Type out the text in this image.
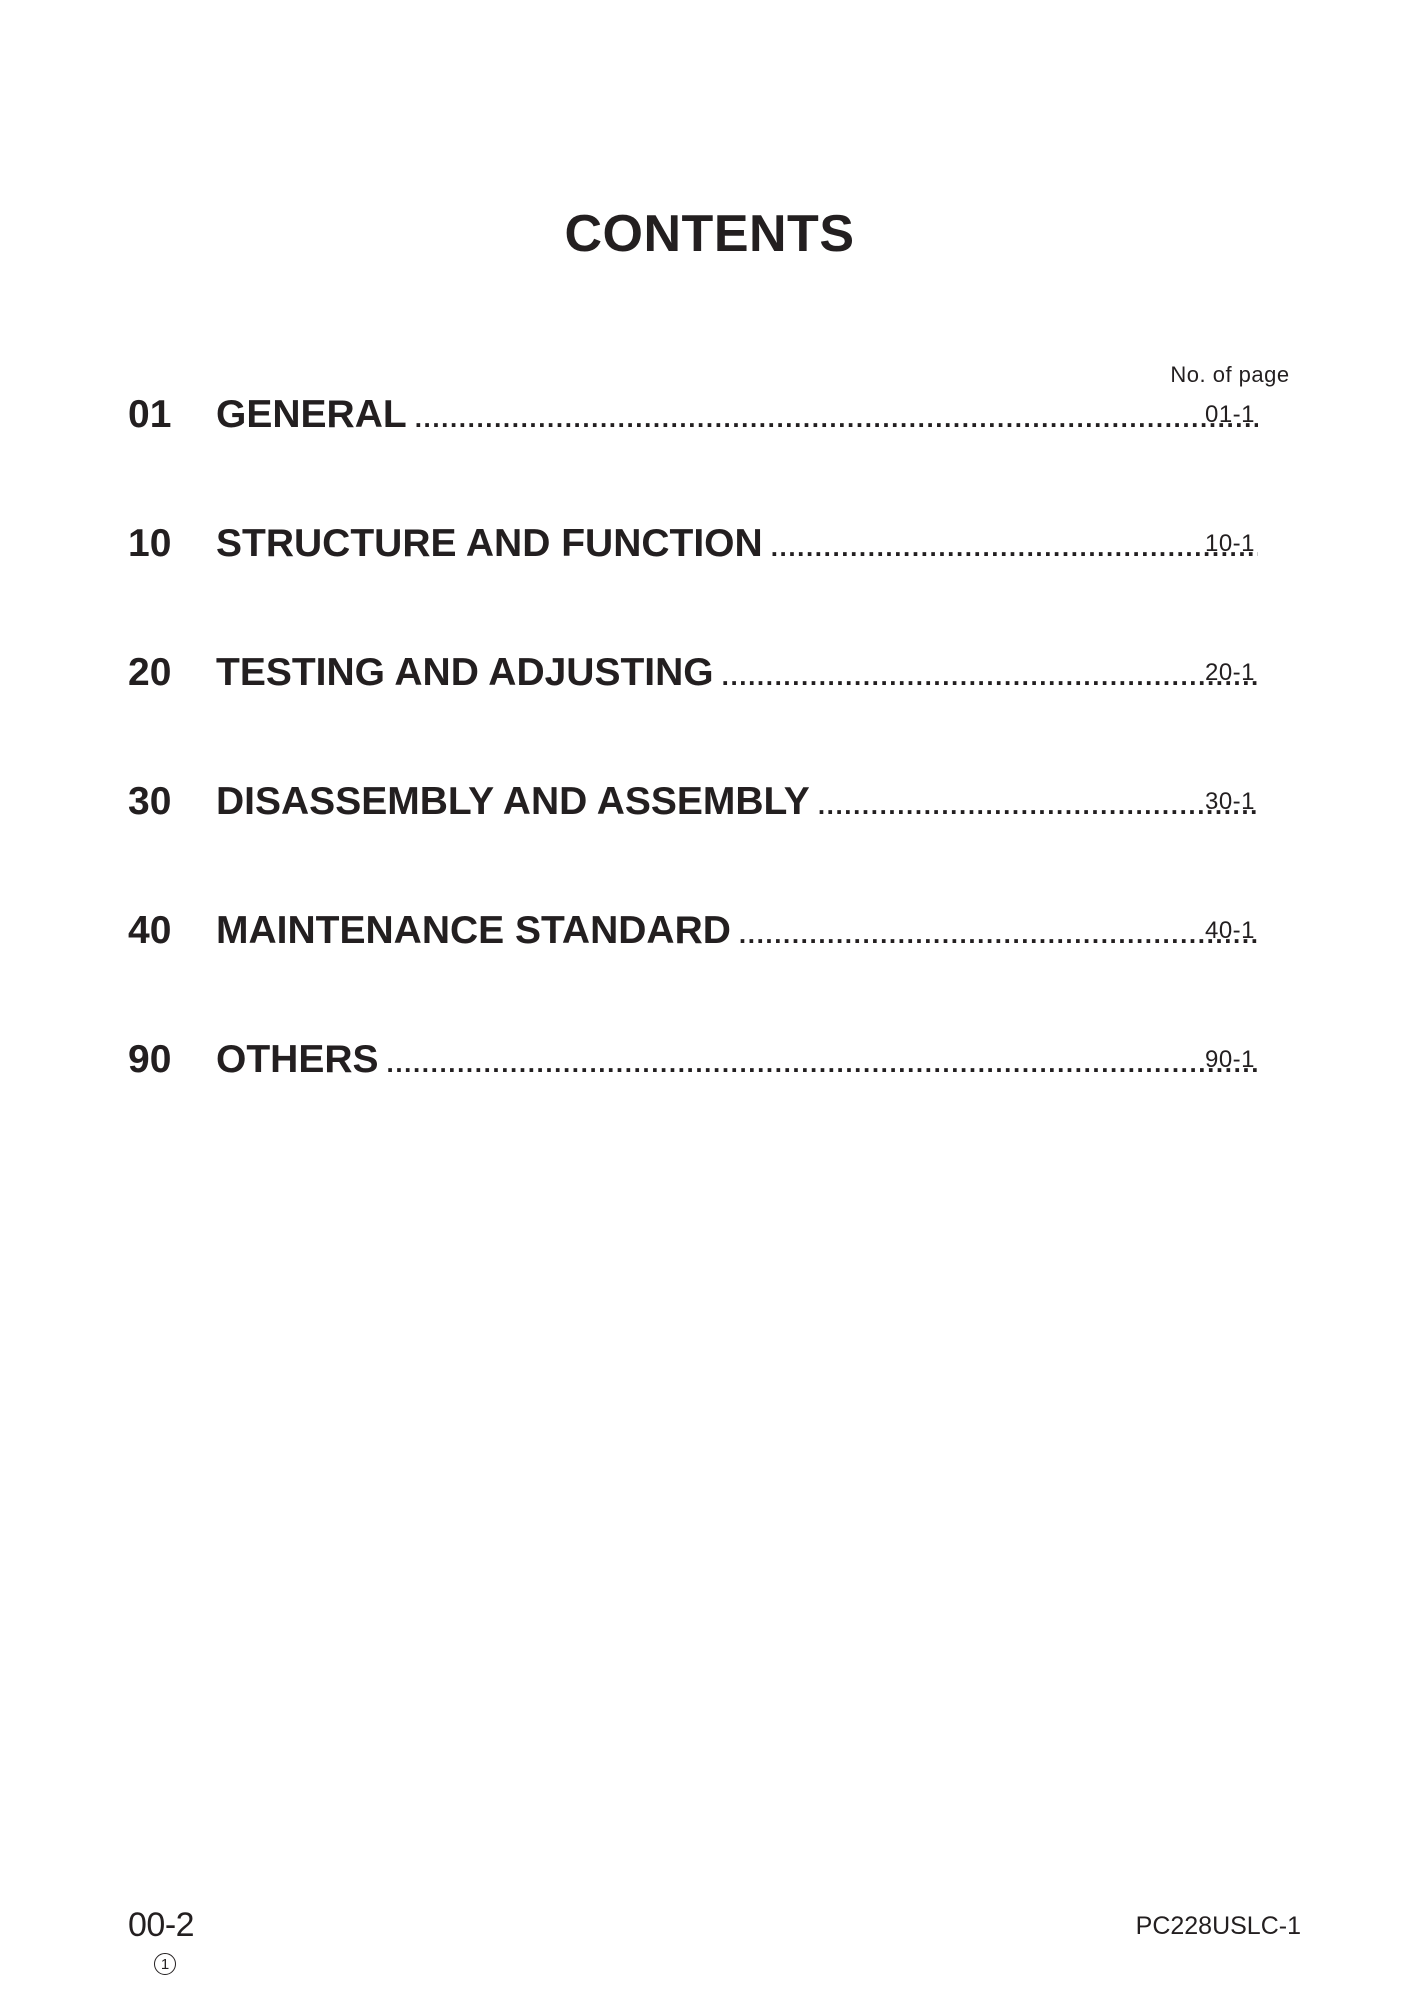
CONTENTS
No. of page
01	GENERAL .....	01-1
10	STRUCTURE AND FUNCTION .....	10-1
20	TESTING AND ADJUSTING .....	20-1
30	DISASSEMBLY AND ASSEMBLY .....	30-1
40	MAINTENANCE STANDARD .....	40-1
90	OTHERS .....	90-1
00-2
1
PC228USLC-1
